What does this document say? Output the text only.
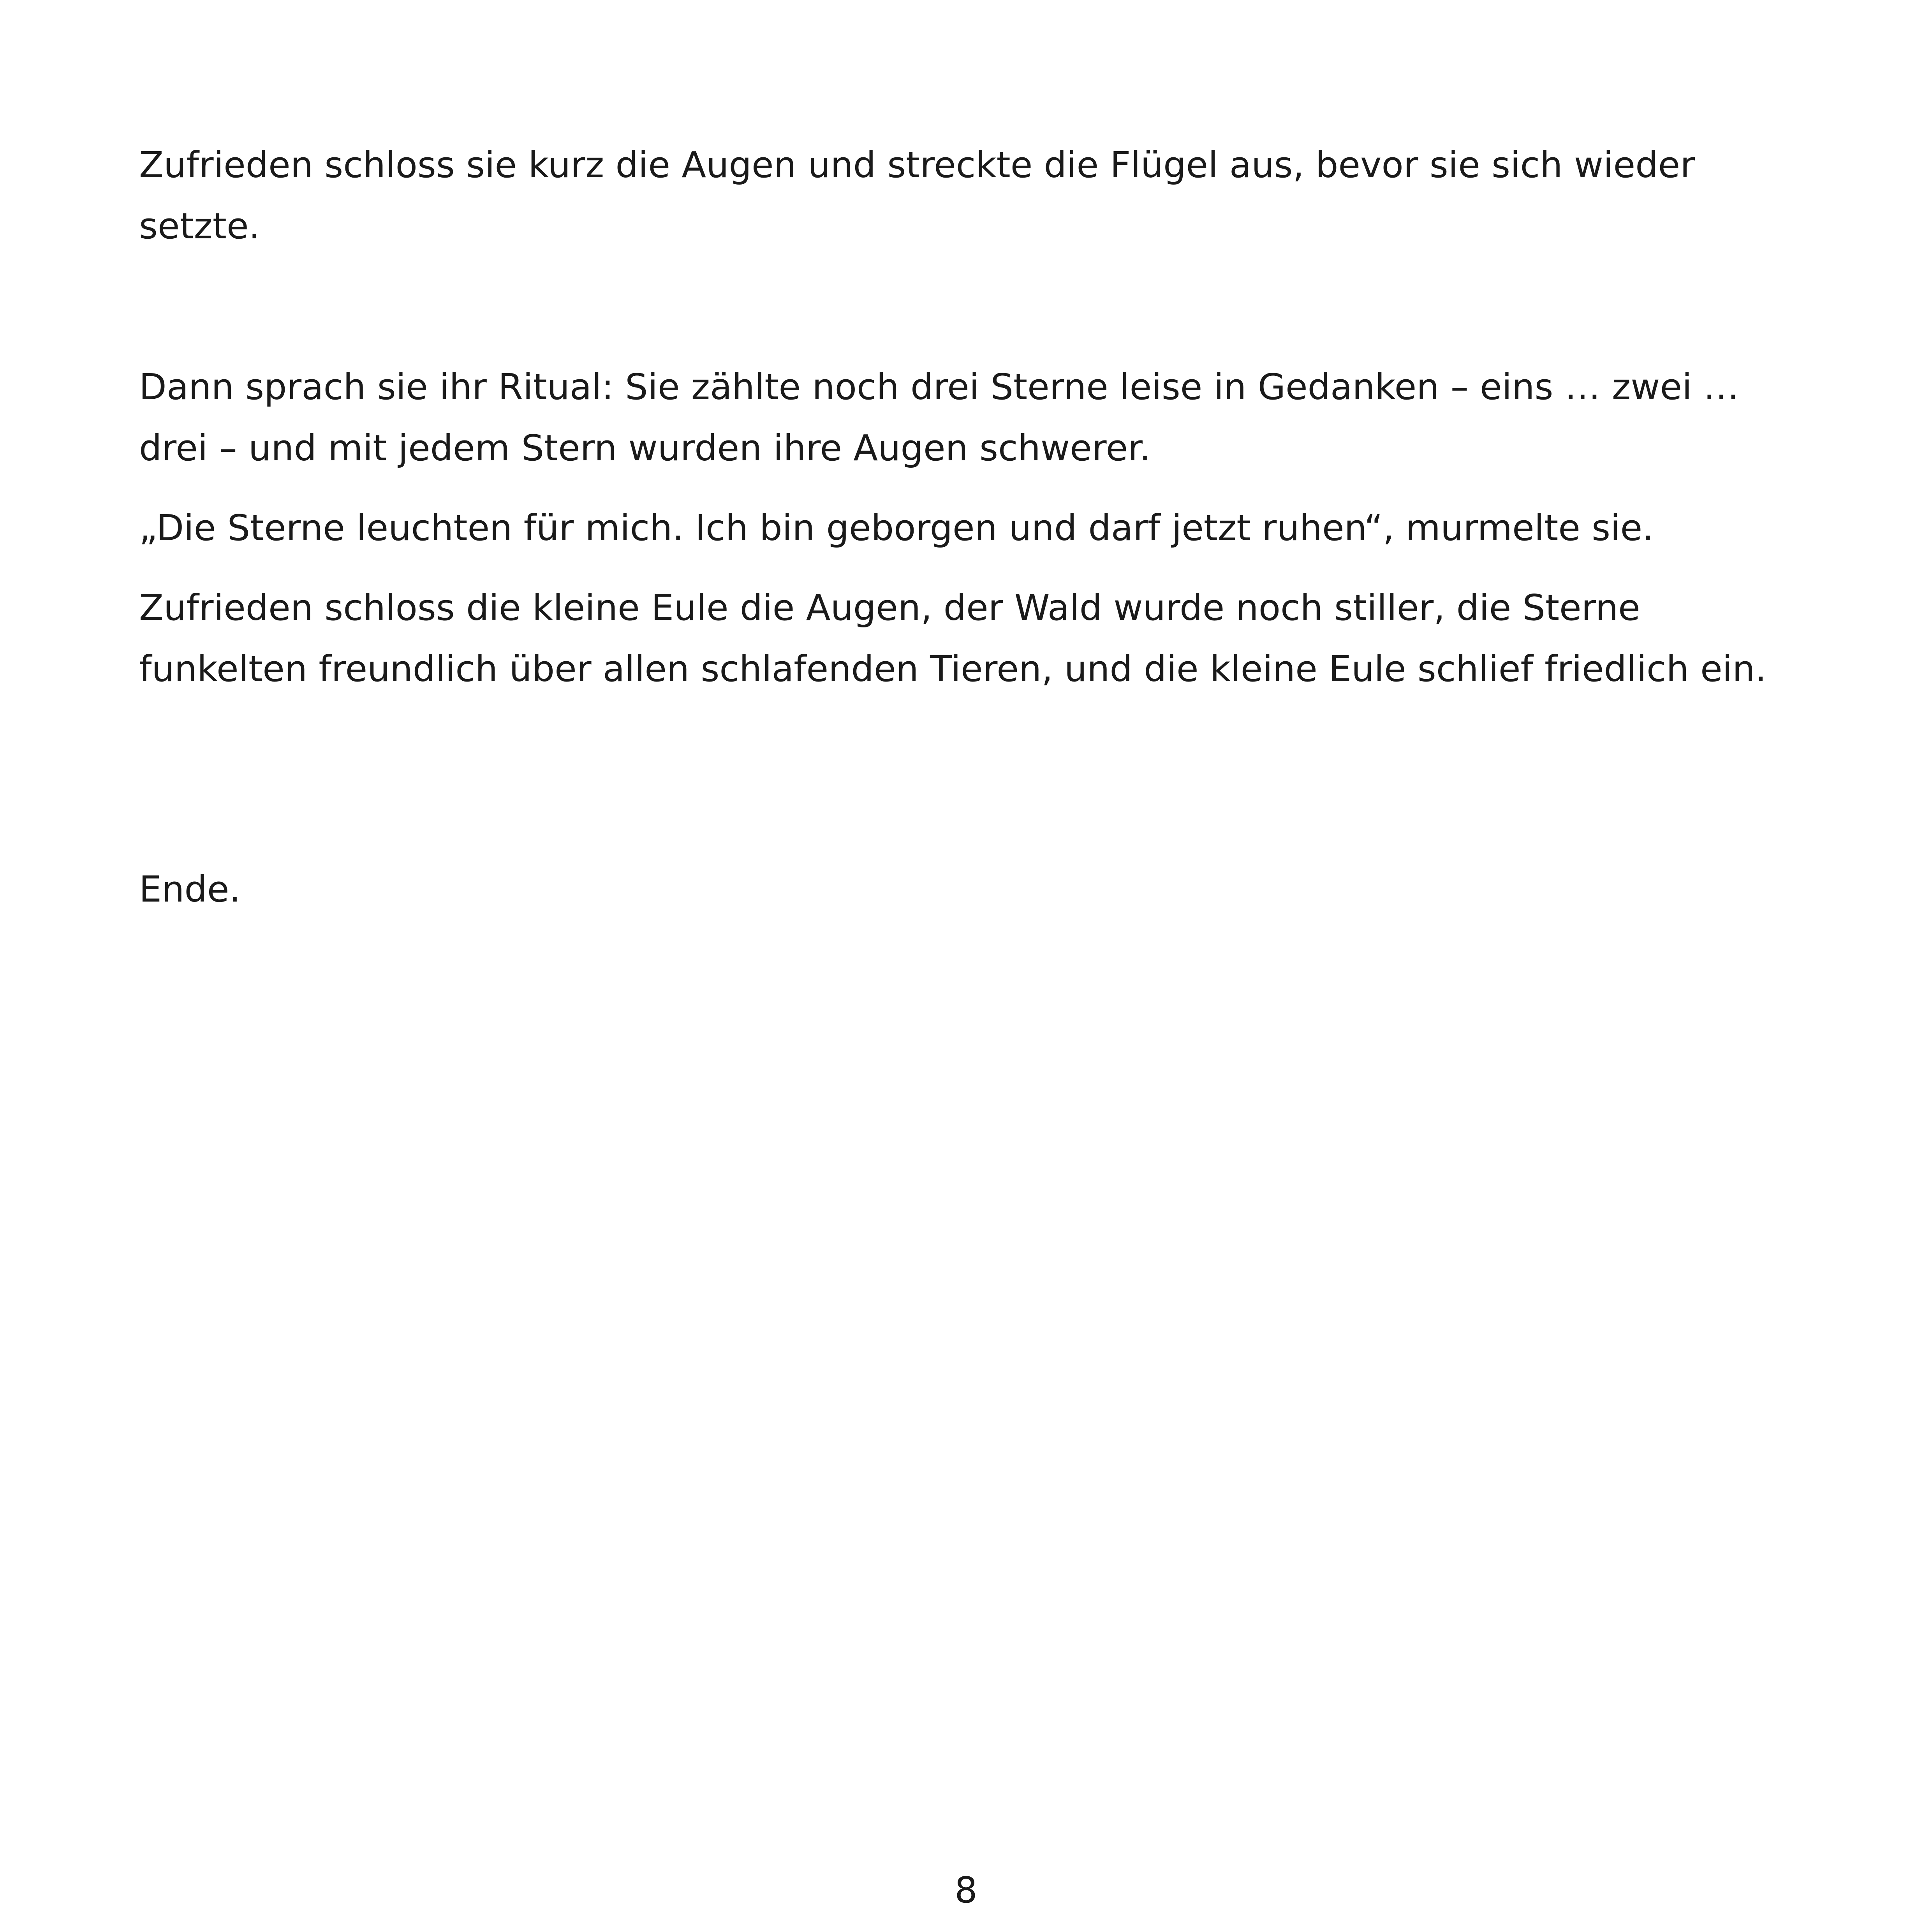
Zufrieden schloss sie kurz die Augen und streckte die Flügel aus, bevor sie sich wieder setzte.

Dann sprach sie ihr Ritual: Sie zählte noch drei Sterne leise in Gedanken – eins … zwei … drei – und mit jedem Stern wurden ihre Augen schwerer.

„Die Sterne leuchten für mich. Ich bin geborgen und darf jetzt ruhen“, murmelte sie.

Zufrieden schloss die kleine Eule die Augen, der Wald wurde noch stiller, die Sterne funkelten freundlich über allen schlafenden Tieren, und die kleine Eule schlief friedlich ein.

Ende.

8
